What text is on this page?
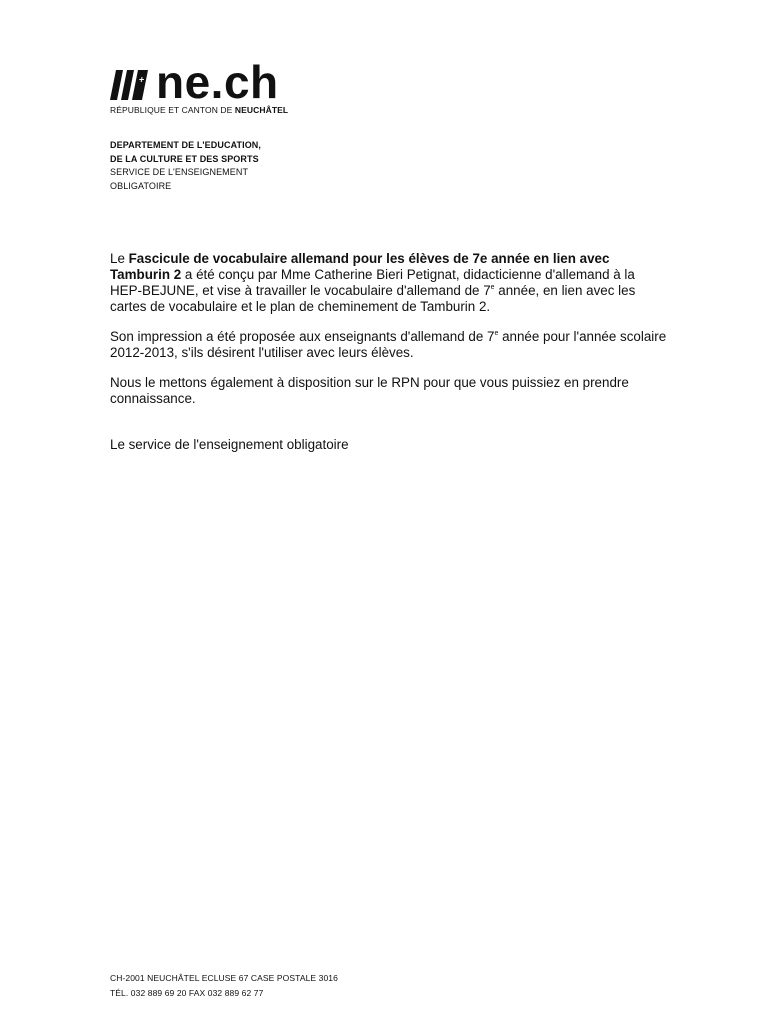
ne.ch
RÉPUBLIQUE ET CANTON DE NEUCHÂTEL
DEPARTEMENT DE L'EDUCATION,
DE LA CULTURE ET DES SPORTS
SERVICE DE L'ENSEIGNEMENT
OBLIGATOIRE

Le Fascicule de vocabulaire allemand pour les élèves de 7e année en lien avec Tamburin 2 a été conçu par Mme Catherine Bieri Petignat, didacticienne d'allemand à la HEP-BEJUNE, et vise à travailler le vocabulaire d'allemand de 7e année, en lien avec les cartes de vocabulaire et le plan de cheminement de Tamburin 2.

Son impression a été proposée aux enseignants d'allemand de 7e année pour l'année scolaire 2012-2013, s'ils désirent l'utiliser avec leurs élèves.

Nous le mettons également à disposition sur le RPN pour que vous puissiez en prendre connaissance.

Le service de l'enseignement obligatoire

CH-2001 NEUCHÂTEL ECLUSE 67 CASE POSTALE 3016
TÉL. 032 889 69 20 FAX 032 889 62 77
